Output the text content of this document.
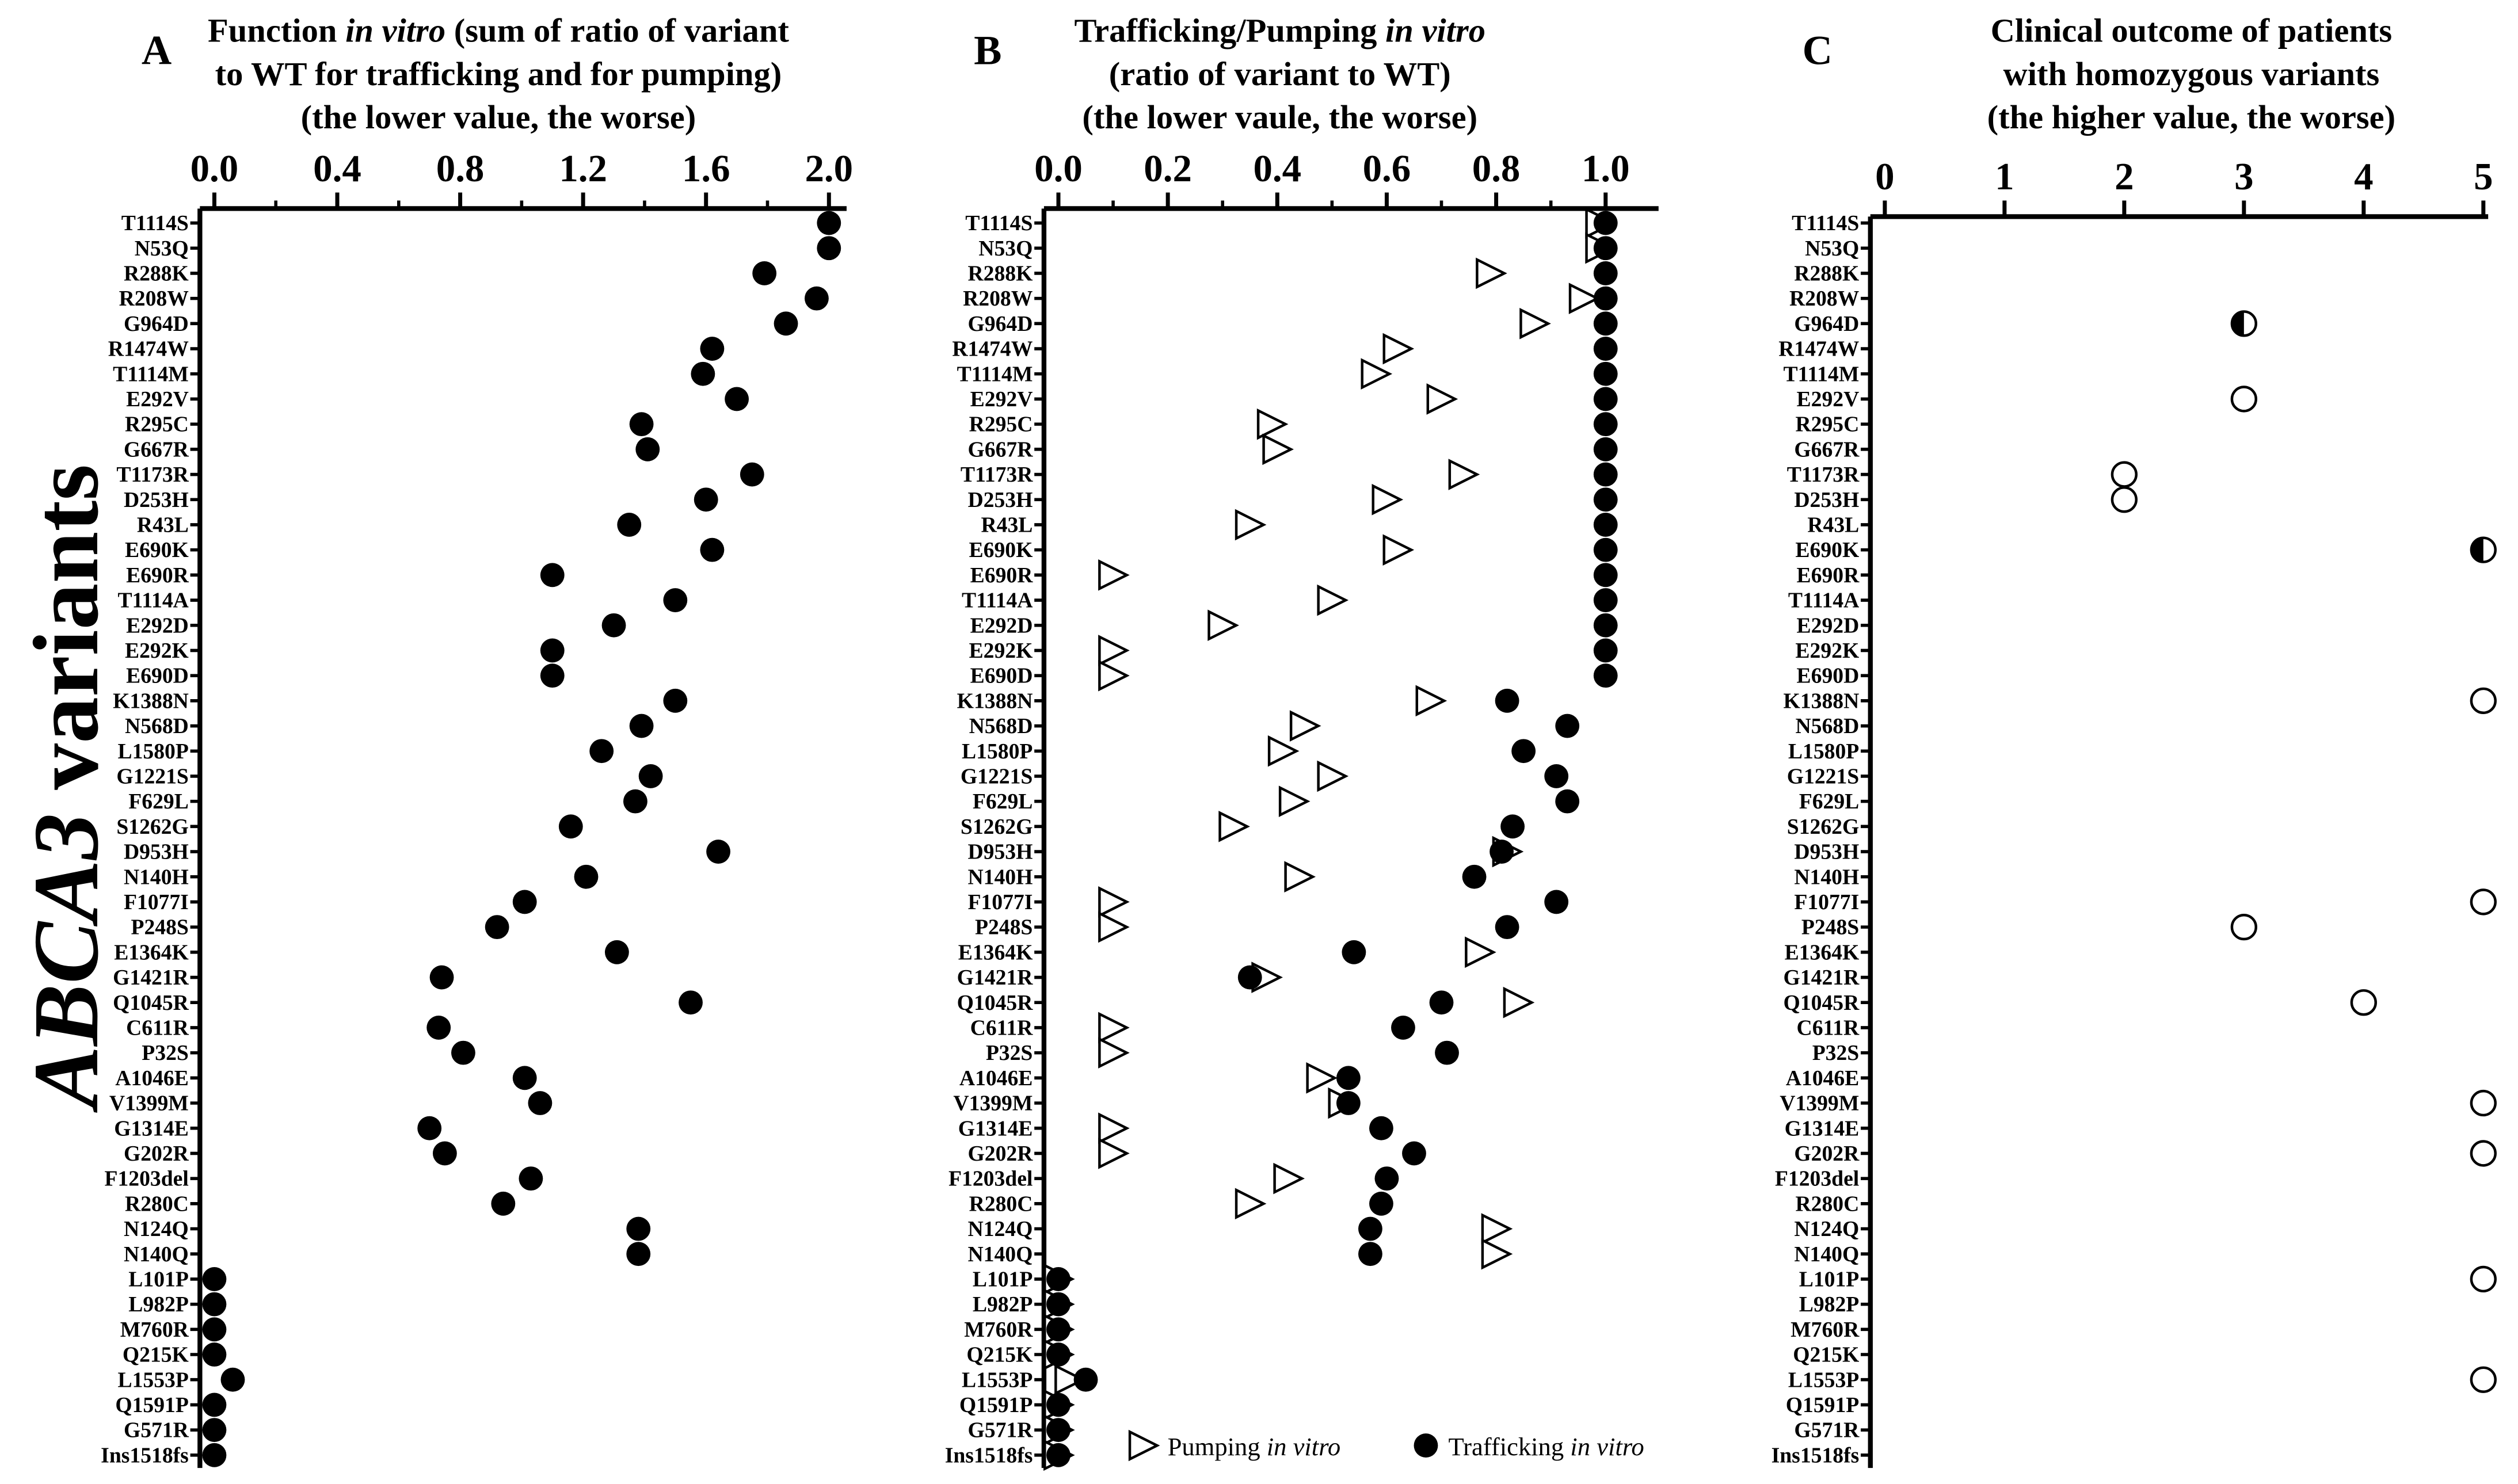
A	Function in vitro (sum of ratio of variant
to WT for trafficking and for pumping)
(the lower value, the worse)
0.0	0.4	0.8	1.2	1.6	2.0
T1114S
N53Q
R288K
R208W
G964D
R1474W
T1114M
E292V
R295C
G667R
T1173R
D253H
R43L
E690K
E690R
T1114A
E292D
E292K
E690D
K1388N
N568D
L1580P
G1221S
F629L
S1262G
D953H
N140H
F1077I
P248S
E1364K
G1421R
Q1045R
C611R
P32S
A1046E
V1399M
G1314E
G202R
F1203del
R280C
N124Q
N140Q
L101P
L982P
M760R
Q215K
L1553P
Q1591P
G571R
Ins1518fs
B	Trafficking/Pumping in vitro
(ratio of variant to WT)
(the lower vaule, the worse)
0.0	0.2	0.4	0.6	0.8	1.0
T1114S
N53Q
R288K
R208W
G964D
R1474W
T1114M
E292V
R295C
G667R
T1173R
D253H
R43L
E690K
E690R
T1114A
E292D
E292K
E690D
K1388N
N568D
L1580P
G1221S
F629L
S1262G
D953H
N140H
F1077I
P248S
E1364K
G1421R
Q1045R
C611R
P32S
A1046E
V1399M
G1314E
G202R
F1203del
R280C
N124Q
N140Q
L101P
L982P
M760R
Q215K
L1553P
Q1591P
G571R
Ins1518fs
C	Clinical outcome of patients
with homozygous variants
(the higher value, the worse)
0	1	2	3	4	5
T1114S
N53Q
R288K
R208W
G964D
R1474W
T1114M
E292V
R295C
G667R
T1173R
D253H
R43L
E690K
E690R
T1114A
E292D
E292K
E690D
K1388N
N568D
L1580P
G1221S
F629L
S1262G
D953H
N140H
F1077I
P248S
E1364K
G1421R
Q1045R
C611R
P32S
A1046E
V1399M
G1314E
G202R
F1203del
R280C
N124Q
N140Q
L101P
L982P
M760R
Q215K
L1553P
Q1591P
G571R
Ins1518fs
ABCA3 variants
Pumping in vitro	Trafficking in vitro
